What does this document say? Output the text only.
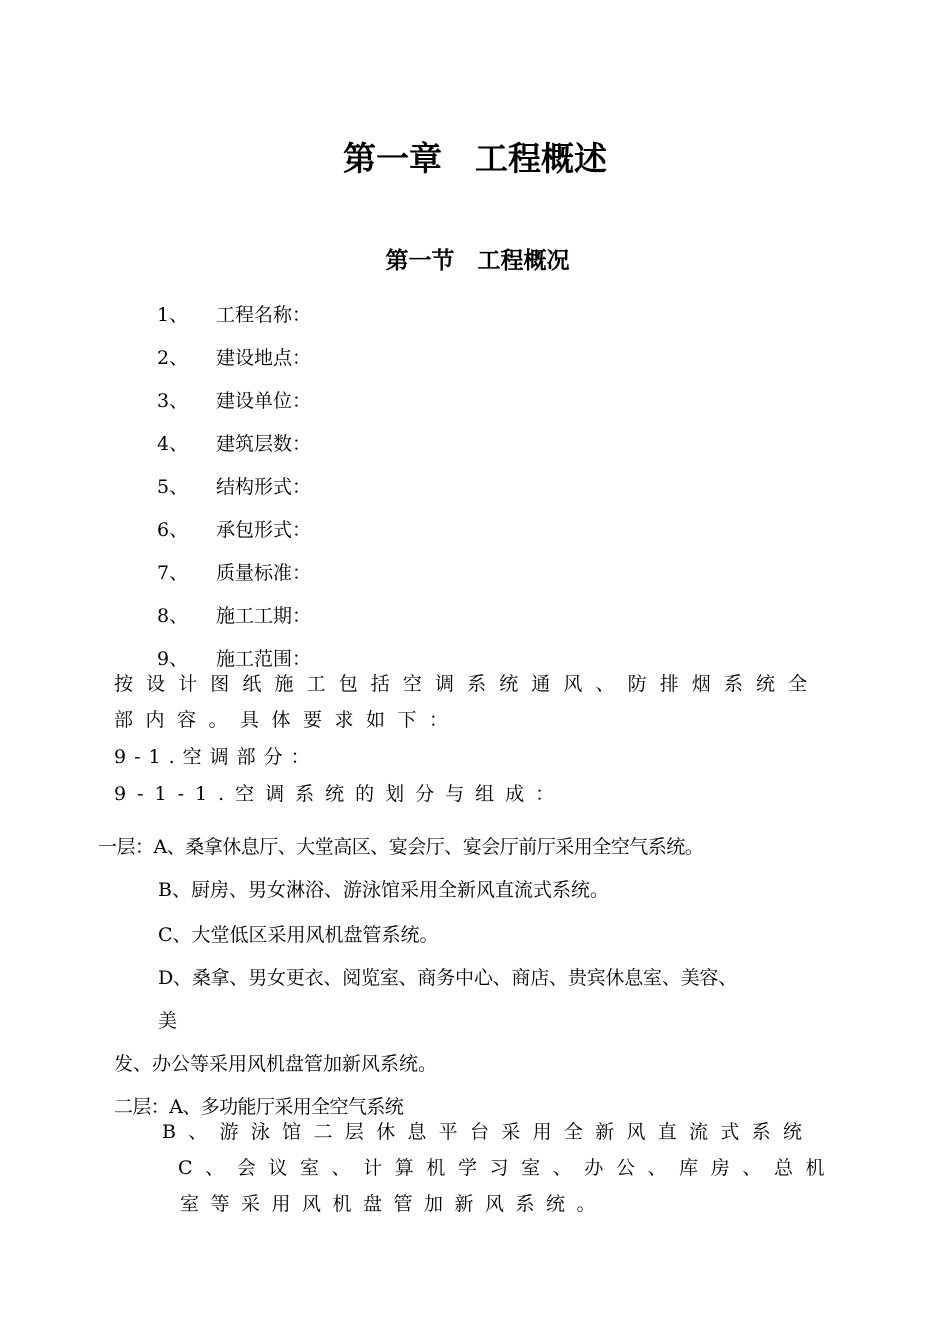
第一章　工程概述
第一节　工程概况
1、 工程名称：
2、 建设地点：
3、 建设单位：
4、 建筑层数：
5、 结构形式：
6、 承包形式：
7、 质量标准：
8、 施工工期：
9、 施工范围：
按设计图纸施工包括空调系统通风、防排烟系统全
部内容。具体要求如下：
9-1.空调部分：
9-1-1.空调系统的划分与组成：
一层：A、桑拿休息厅、大堂高区、宴会厅、宴会厅前厅采用全空气系统。
B、厨房、男女淋浴、游泳馆采用全新风直流式系统。
C、大堂低区采用风机盘管系统。
D、桑拿、男女更衣、阅览室、商务中心、商店、贵宾休息室、美容、
美
发、办公等采用风机盘管加新风系统。
二层：A、多功能厅采用全空气系统
B、游泳馆二层休息平台采用全新风直流式系统
C、会议室、计算机学习室、办公、库房、总机
室等采用风机盘管加新风系统。
